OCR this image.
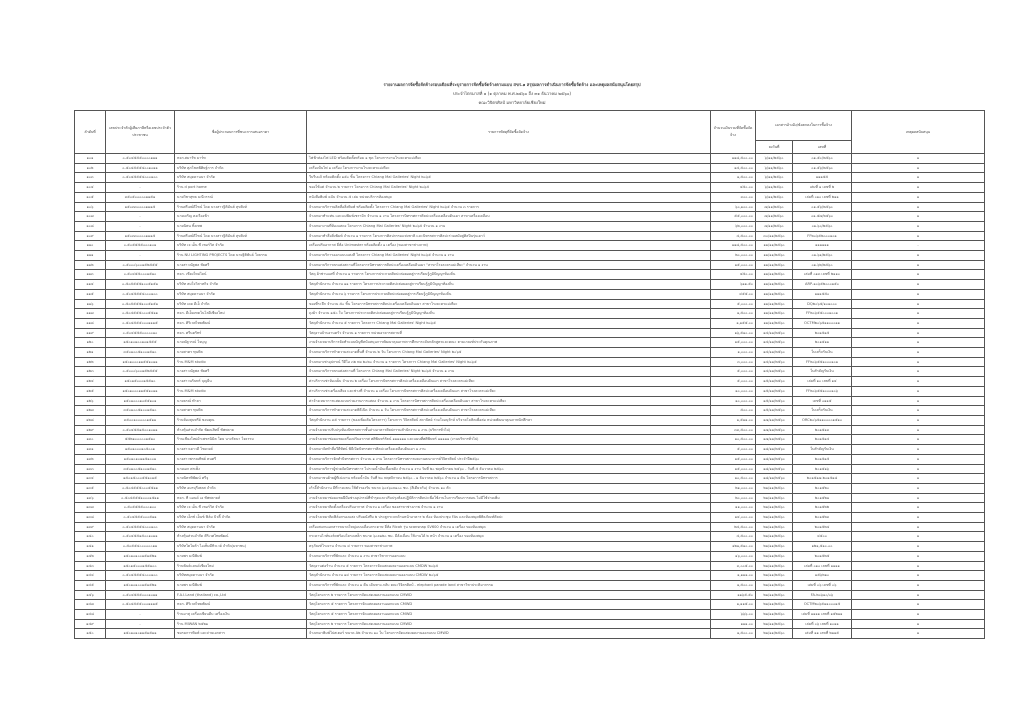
รายงานผลการจัดซื้อจัดจ้างรอบเดือนที่ระบุรายการจัดซื้อจัดจ้างตามแบบ สขร.๑ สรุปผลการดำเนินการจัดซื้อจัดจ้าง และเหตุผลสนับสนุนโดยสรุป
ประจำไตรมาสที่ ๑ (๑ ตุลาคม พ.ศ.๒๕๖๐ ถึง ๓๑ ธันวาคม ๒๕๖๐)
คณะวิจิตรศิลป์ มหาวิทยาลัยเชียงใหม่
ลำดับที่	เลขประจำตัวผู้เสียภาษีหรือเลขประจำตัวประชาชน	ชื่อผู้ประกอบการที่ชนะการเสนอราคา	รายการพัสดุที่จัดซื้อจัดจ้าง	จำนวนเงินรวมที่จัดซื้อจัดจ้าง	เอกสารอ้างอิง/ข้อตกลงในการซื้อจ้าง		เหตุผลสนับสนุน
					ลงวันที่	เลขที่	
๑๐๑	๐-๕๐๔๕๕๕๐๐๐๐๑๑๑	หจก.สมารัช มาร์ท	ไฟฟ้าส่องไฟ LED พร้อมติดตั้งพร้อม ๑ ชุด โครงการงานโรงละครแม่เหียะ	๑๑๘,๕๐๐.๐๐	๖/๑๑/๒๕๖๐	๐๑.๕๐/๒๕๖๐	๑
๑๐๒	๐-๕๐๔๕๕๕๔๐๐๑๐๑๑	บริษัท ศุภโชคพิศิษฐ์การ จำกัด	เครื่องปั่นไฟ ๑ เครื่อง โครงการงานโรงละครแม่เหียะ	๑๔,๕๐๐.๐๐	๖/๑๑/๒๕๖๐	๐๑.๕๖/๒๕๖๐	๑
๑๐๓	๐-๕๐๔๕๕๕๔๐๐๐๑๐๐	บริษัท สมุดดานนา จำกัด	วีบรีบแจ้ พร้อมติดตั้ง ๑๕๐ ชิ้น โครงการ Chiang Mai Galleries' Night ๒๐๖๕	๑,๕๐๐.๐๐	๖/๑๑/๒๕๖๐	๑๑๑๕๕	๑
๑๐๔	-	ร้าน d port home	ของใช้แต่ จำนวน ๒ รายการ โครงการ Chiang Mai Galleries' Night ๒๐๖๕	๔๕๐.๐๐	๖/๑๑/๒๕๖๐	เล่มที่ ๑ เลขที่ ๒	๑
๑๐๕	๓๕๐๕๐๐๐๐๐๑๑๕๑	นายวิชาสุทธ มณีวรรณ์	หนังสือพิมพ์ ฉบับ จำนวน ๕ เล่ม หน่วยบริการห้องสมุด	๓๐๐.๐๐	๖/๑๑/๒๕๖๐	เล่มที่ ๐๑๐ เลขที่ ๒๑๑	๑
๑๐๖	๑๕๐๓๓๐๐๐๐๑๑๑๕	ร้านศรีเลย์ดีไซน์ โดย นางสาวฐิติมันต์ สุขสิงห์	จ้างเหมาบริการผลิตสื่อสิ่งพิมพ์ พร้อมติดตั้ง โครงการ Chiang Mai Galleries' Night ๒๐๖๕ จำนวน ๓ รายการ	๖๐,๑๐๐.๐๐	๗/๑๑/๒๕๖๐	๐๑.๕๖/๒๕๖๐	๑
๑๐๗	-	นายเจริญ คงเรืองฟ้า	จ้างเหมาทำแท่น และแม่พิมพ์เซรามิก จำนวน ๑ งาน โครงการนิทรรศการศิลปะเครื่องเคลือบดินเผา สาขาเครื่องเคลือบ	๕๕,๐๐๐.๐๐	๗/๑๑/๒๕๖๐	๐๑.๕๗/๒๕๖๐	๑
๑๐๘	-	นายนิพน ทิ้งเทพ	จ้างเหมางานที่ห้องแสดง โครงการ Chiang Mai Galleries' Night ๒๐๖๕ จำนวน ๑ งาน	๖๒,๐๐๐.๐๐	๗/๑๑/๒๕๖๐	๐๑.๖๐/๒๕๖๐	๑
๑๐๙	๑๕๐๓๓๐๐๐๐๑๑๑๕	ร้านศรีเลย์ดีไซน์ โดย นางสาวฐิติมันต์ สุขสิงห์	จ้างเหมาทำสื่อสิ่งพิมพ์ จำนวน ๑ รายการ โครงการศิลปกรรมแห่งชาติ และนิทรรศการศิลปะร่วมสมัยสู่ศิลปินรุ่นเยาว์	๔,๕๐๐.๐๐	๓๐/๑๑/๒๕๖๐	FF๒๐๖๕๒๐๐๐๑๐๑	๑
๑๑๐	๐-๕๐๕๕๕๕๐๐๐๑๐๑	บริษัท เจ เอ็น ซี เซอร์วิส จำกัด	เครื่องปรับอากาศ ยี่ห้อ Unimaster พร้อมติดตั้ง ๑ เครื่อง (ของสาขาช่างภาพ)	๑๑๘,๕๐๐.๐๐	๑๑/๑๑/๒๕๖๐	๑๑๑๑๑๑	-
๑๑๑	-	ร้าน NU LIGHTING PROJECTS โดย นายฐิติพันธ์ ใจธรรม	จ้างเหมาบริการออกแบบแสงสี โครงการ Chiang Mai Galleries' Night ๒๐๖๕ จำนวน ๑ งาน	๒๐,๐๐๐.๐๐	๑๑/๑๑/๒๕๖๐	๐๑.๖๑/๒๕๖๐	๑
๑๑๒	๐-๕๐๐๐๖๐๐๑๕๒๕๕๕	นางสาวณัฐพล ชัยศรี	จ้างเหมาบริการตกแต่งสถานที่โครงการนิทรรศการศิลปะเครื่องเคลือบดินเผา "สาขาโรงละครแม่เหียะ" จำนวน ๑ งาน	๑๕,๐๐๐.๐๐	๑๑/๑๑/๒๕๖๐	๐๑.๖๒/๒๕๖๐	๑
๑๑๓	๐-๕๐๔๕๕๐๐๐๑๕๑๐	หจก. เชียงใหม่ไลน์	วัสดุ ผ้าซ่านแลที่ จำนวน ๑ รายการ โครงการประกวดศิลปะต่อยอดสู่การเรียนรู้ภูมิปัญญาท้องถิ่น	๔๕๐.๐๐	๑๑/๑๑/๒๕๖๐	เล่มที่ ๐๑๓ เลขที่ ๒๑๑๐	๑
๑๑๔	๐-๕๐๕๕๕๕๑๐๐๕๑๕๑	บริษัท สมใจวิสาหกิจ จำกัด	วัสดุสำนักงาน จำนวน ๑๑ รายการ โครงการประกวดศิลปะต่อยอดสู่การเรียนรู้ภูมิปัญญาท้องถิ่น	๖๑๑.๕๐	๑๑/๑๑/๒๕๖๐	ARP-๑๐๖๕๒๐๐๐๑๕๐	๑
๑๑๕	๐-๕๐๔๕๕๕๔๐๐๐๑๐๐	บริษัท สมุดดานนา จำกัด	วัสดุสำนักงาน จำนวน ๖ รายการ โครงการประกวดศิลปะต่อยอดสู่การเรียนรู้ภูมิปัญญาท้องถิ่น	๔๕๕.๐๐	๑๑/๑๑/๒๕๖๐	๑๑๑๕๕๐	๑
๑๑๖	๐-๕๐๕๕๕๕๑๐๐๕๑๕๑	บริษัท เดย ดีเอ็ จำกัด	ของที่ระลึก จำนวน ๕๐ ชิ้น โครงการนิทรรศการศิลปะเครื่องเคลือบดินเผา สาขาโรงละครแม่เหียะ	๕,๐๐๐.๐๐	๑๑/๑๑/๒๕๖๐	DQ๒๐๖๕/๑๐๑๐๐๐	๑
๑๑๗	๐-๕๐๔๕๕๕๐๐๐๕๕๑๑	หจก. ดีเอ็มเทคโนโลยีเชียงใหม่	ถุงผ้า จำนวน ๑๕๐ ใบ โครงการประกวดศิลปะต่อยอดสู่การเรียนรู้ภูมิปัญญาท้องถิ่น	๑,๕๐๐.๐๐	๑๑/๑๑/๒๕๖๐	FF๒๐๖๕๕๐๐๐๑๐๐๑	๑
๑๑๘	๐-๕๐๔๕๕๕๐๐๐๑๑๑๕	หจก. ศิริเวศไทยพัฒน์	วัสดุสำนักงาน จำนวน ๕ รายการ โครงการ Chiang Mai Galleries' Night ๒๐๖๕	๑,๑๕๕.๐๐	๑๑/๑๑/๒๕๖๐	OCTM๒๐๖๕๑๑๐๐๐๑๑	๑
๑๑๙	๐-๕๐๔๕๕๕๐๐๐๐๐๑๐	หจก. ศรีนคริทร์	วัสดุงานบ้านงานครัว จำนวน ๑ รายการ หน่วยอาคารสถานที่	๑๖,๕๑๐.๐๐	๑๔/๑๑/๒๕๖๐	๒๐๑๕๑๕	๑
๑๒๐	๑๕๐๑๐๑๐๐๑๐๑๕๕๕	นายณัฐวรณ์ ใจบุญ	งานจ้างเหมาบริการจัดทำแบบบัญชีสนับสนุนการพัฒนาคุณภาพการศึกษาระดับหลักสูตรและคณะ ตามเกณฑ์ประกันคุณภาพ	๑๕,๐๐๐.๐๐	๑๔/๑๑/๒๕๖๐	๒๐๑๕๑๑	๑
๑๒๑	๓๕๐๑๐๐๕๑๐๐๑๕๑๐	นายสาคร ทุนพิล	จ้างเหมาบริการทำความสะอาดพื้นที่ จำนวน ๒ วัน โครงการ Chiang Mai Galleries' Night ๒๐๖๕	๑,๐๐๐.๐๐	๑๔/๑๑/๒๕๖๐	ใบเสร็จรับเงิน	๑
๑๒๒	๑๕๐๑๐๐๐๑๑๕๕๑๐๑๑	ร้าน M&M studio	จ้างเหมาเช่าอุปกรณ์ วีดีโอ ๓๒ พอ ๒๐๒๐ จำนวน ๑ รายการ โครงการ Chiang Mai Galleries' Night ๒๐๖๕	๓,๐๐๐.๐๐	๑๔/๑๑/๒๕๖๐	FF๒๐๖๕๕๑๐๐๐๑๐๑	๑
๑๒๓	๐-๕๐๐๐๖๐๐๑๕๒๕๕๕	นางสาวณัฐพล ชัยศรี	จ้างเหมาบริการตกแต่งสถานที่ โครงการ Chiang Mai Galleries' Night ๒๐๖๕ จำนวน ๑ งาน	๕,๐๐๐.๐๐	๑๔/๑๑/๒๕๖๐	ใบสำคัญรับเงิน	๑
๑๒๔	๑๕๐๑๕๐๐๐๑๕๕๑๐	นางสาวนรินทร์ บุญยืน	ค่าบริการเช่าห้องเย็บ จำนวน ๒ เครื่อง โครงการนิทรรศการศิลปะเครื่องเคลือบดินเผา สาขาโรงละครแม่เหียะ	๕,๐๐๐.๐๐	๑๕/๑๑/๒๕๖๐	เล่มที่ ๑๐ เลขที่ ๑๔	๑
๑๒๕	๑๕๐๑๐๐๐๑๑๕๕๑๐๑๑	ร้าน M&M studio	ค่าบริการเช่าเครื่องเสียง และช่างที่ จำนวน ๑ เครื่อง โครงการนิทรรศการศิลปะเครื่องเคลือบดินเผา สาขาโรงละครแม่เหียะ	๑๐,๐๐๐.๐๐	๑๕/๑๑/๒๕๖๐	FF๒๐๖๕๕๑๐๐๐๑๐๖	๑
๑๒๖	๑๕๐๑๐๐๐๑๐๕๕๑๐๑	นายธรณ์ ทำลา	ค่าจ้างเหมาการแสดงแบบร่วมงานการแสดง จำนวน ๑ งาน โครงการนิทรรศการศิลปะเครื่องเคลือบดินเผา สาขาโรงละครแม่เหียะ	๑๐,๐๐๐.๐๐	๑๕/๑๑/๒๕๖๐	เลขที่ ๐๑๑๕	๑
๑๒๗	๓๕๐๑๐๐๕๑๐๐๑๕๑๐	นายสาคร ทุนพิล	จ้างเหมาบริการทำความสะอาดพิธีเปิด จำนวน ๑ วัน โครงการนิทรรศการศิลปะเครื่องเคลือบดินเผา สาขาโรงละครแม่เหียะ	๕๐๐.๐๐	๑๕/๑๑/๒๕๖๐	ใบเสร็จรับเงิน	๑
๑๒๘	๓๕๐๐๑๐๐๐๐๐๑๕๑๑	ร้านห้องสุนทรีย์ ขอบคุณ	วัสดุสำนักงาน ๓๕ รายการ (ของเพิ่มเติมโครงการ) โครงการ วิจิตรศิลป์ สถาปัตย์ ร่วมใจอนุรักษ์ บริจาคโลหิตเพื่อต่อ หน่วยพัฒนาคุณภาพนักศึกษา	๑,๕๑๑.๐๐	๑๗/๑๑/๒๕๖๐	ORC๒๐๖๕๑๑๐๐๐๐๑๕๑๐	๑
๑๒๙	๐-๕๐๔๕๕๑๕๐๐๑๐๑๑	ห้างหุ้นส่วนจำกัด พัฒนสิทธิ์ ซัพพลาย	งานจ้างเหมาปรับปรุงห้องนิทรรศการชั้นล่างอาคารศิลปกรรมสำนักงาน ๑ งาน (บริหารทั่วไป)	๓๓,๕๐๐.๐๐	๑๗/๑๑/๒๕๖๐	๒๐๑๕๑๓	๑
๑๓๐	๕๕๒๑๐๐๐๐๐๑๕๑๐	ร้านเชียงใหม่ผ้าเพชรนิมิต โดย นางรัตนา ใจธรรม	งานจ้างเหมาซ่อมแซมเครื่องปรับอากาศ ศศิพินทร์รัตน์ ๑๑๑๑๑๑ และแผนที่ศศิพินทร์ ๑๑๑๑๑ (งานบริหารทั่วไป)	๑๐,๕๐๐.๐๐	๑๗/๑๑/๒๕๖๐	๒๐๑๕๑๔	๑
๑๓๑	๑๕๐๑๐๐๐๑๐๕๐๐๑	นางสาวเยาวดี ไชยวงค์	จ้างเหมาจัดทำสื่อวีดีทัศน์ พิธีเปิดนิทรรศการศิลปะเครื่องเคลือบดินเผา ๑ งาน	๕,๐๐๐.๐๐	๑๘/๑๑/๒๕๖๐	ใบสำคัญรับเงิน	๑
๑๓๒	๑๕๐๑๐๑๐๑๑๕๑๐๐๑	นางสาวพรรณทิพย์ ตนศรี	จ้างเหมาบริการจัดทำนิทรรศการ จำนวน ๑ งาน โครงการนิทรรศการผลงานคณาจารย์วิจิตรศิลป์ ประจำปี๒๕๖๐	๑๕,๐๐๐.๐๐	๑๘/๑๑/๒๕๖๐	๒๐๑๕๑๕	๑
๑๓๓	๓๕๐๑๐๐๕๑๐๐๑๕๑๐	นายเอก ศรเพ็ง	จ้างเหมาบริการผู้ช่วยจัดนิทรรศการ ไม่รวมน้ำมันเชื้อเพลิง จำนวน ๑ งาน วันที่ ๒๐ พฤศจิกายน ๒๕๖๐ - วันที่ ๕ ธันวาคม ๒๕๖๐	๑๕,๐๐๐.๐๐	๑๘/๑๑/๒๕๖๐	๒๐๑๕๑๖	๑
๑๓๔	๑๕๐๑๕๐๐๐๕๕๑๐๑๕	นายนิตรพิพัฒน์ ศรีจุ	จ้างเหมาขนย้ายผู้ทีเปงงาน พร้อมน้ำมัน วันที่ ๒๐ พฤศจิกายน ๒๕๖๐ - ๑ ธันวาคม ๒๕๖๐ จำนวน ๑ คัน โครงการนิทรรศการ	๑๐,๕๐๐.๐๐	๑๘/๑๑/๒๕๖๐	๒๐๑๕๑๗-๒๐๑๕๑๘	๑
๑๓๕	๐-๕๐๔๕๕๕๐๐๐๕๕๑๑	บริษัท อมรบุรีเพลส จำกัด	เก้าอี้สำนักงาน มีที่วางแขน ใช้ตัวรองรับ ขนาด ๖๐x๖๐x๑๐๐ ซม. (สีเดียวกัน) จำนวน ๑๐ ตัว	๒๑,๐๐๐.๐๐	๒๑/๑๑/๒๕๖๐	๒๐๑๕๒๐	๑
๑๓๖	๐-๕๐๔๕๕๕๑๐๐๐๑๕๑๑	หจก. ที แอนด์ เอ ซัพพลายส์	งานจ้างเหมาซ่อมแซมฝีมือช่างอุปกรณ์ที่ชำรุดและปรับปรุงห้องปฏิบัติการศิลปะเพื่อใช้งานในการเรียนการสอน ไม่มีใช้จ่ายเพิ่ม	๒๐,๐๐๐.๐๐	๒๑/๑๑/๒๕๖๐	๒๐๑๕๒๑	๑
๑๓๗	๐-๕๐๕๕๕๕๐๐๐๑๐๐	บริษัท เจ เอ็น ซี เซอร์วิส จำกัด	งานจ้างเหมาติดตั้งเครื่องปรับอากาศ จำนวน ๑ เครื่อง ของสาขาช่างภาพ จำนวน ๑ งาน	๑๑,๐๐๐.๐๐	๒๑/๑๑/๒๕๖๐	๒๐๑๕๒๒	๑
๑๓๘	๐-๕๐๔๕๕๕๐๐๐๕๑๑	บริษัท เอ็กซ์ เอ็นซ์ ฟิล์ม บิวตี้ จำกัด	งานจ้างเหมาติดฟิล์มกรองแสง ปรับผนังทึบ ๒ ประตูกระจกด้านหน้าอาคาร ๒ ห้อง ห้องประชุม FAs และห้องสมุดพิพิธภัณฑ์ศิลปะ	๑๔,๐๐๐.๐๐	๒๑/๑๑/๒๕๖๐	๒๐๑๕๒๓	๑
๑๓๙	๐-๕๐๔๕๕๕๔๐๐๐๑๐๐	บริษัท สมุดดานนา จำกัด	เครื่องสแกนเอกสารขนาดใหญ่แบบเลื่อนกระดาษ ยี่ห้อ Ricoh รุ่น scansnap SV600 จำนวน ๑ เครื่อง ของห้องสมุด	๒๔,๕๐๐.๐๐	๒๑/๑๑/๒๕๖๐	๒๐๑๕๒๔	๑
๑๔๐	๐-๕๐๔๕๕๑๕๐๐๑๐๑๑	ห้างหุ้นส่วนจำกัด ศิริเวศไทยพัฒน์	กระดานไวท์บอร์ดพร้อมโครงเหล็ก ขนาด ๖๐x๑๒๐ ซม. มีล้อเลื่อน ใช้งานได้ ๒ หน้า จำนวน ๑ เครื่อง ของห้องสมุด	๔,๕๐๐.๐๐	๒๑/๑๑/๒๕๖๐	๔๕๐๐	๑
๑๔๑	๐-๕๐๕๕๔๐๐๐๐๐๐๑๑	บริษัทโตโยต้า ไอเท็มมีทิวเวย์ จำกัด(มหาชน)	ครุภัณฑ์โรงงาน จำนวน ๔ รายการ ของสาขาช่างภาพ	๑๒๑,๕๑๐.๐๐	๒๑/๑๑/๒๕๖๐	๑๒๑,๕๑๐.๐๐	๑
๑๔๒	๑๕๐๑๐๑๐๐๑๕๑๕๒๑	นายพร มณีพิมพ์	จ้างเหมาบริการที่พักและ จำนวน ๑ งาน สาขาวิชาการออกแบบ	๑๖,๐๐๐.๐๐	๒๑/๑๑/๒๕๖๐	๒๐๑๕๒๕	๑
๑๔๓	๑๕๐๑๕๐๐๐๑๕๕๑๐๐	ร้านพันธ์แลนด์เชียงใหม่	วัสดุงานต่อร้าน จำนวน ๕ รายการ โครงการจัดแสดงผลงานออกแบบ CMDW ๒๐๖๕	๓,๐๐๕.๐๐	๒๑/๑๑/๒๕๖๐	เล่มที่ ๐๑๐ เลขที่ ๑๑๑๑	๑
๑๔๔	๐-๕๐๔๕๕๕๔๐๐๐๑๐๐	บริษัทสมุดดานนา จำกัด	วัสดุสำนักงาน จำนวน ๑๔ รายการ โครงการจัดแสดงผลงานออกแบบ CMDW ๒๐๖๕	๑,๑๑๑.๐๐	๒๑/๑๑/๒๕๖๐	๑๕๖๒๑๐	๑
๑๔๕	๑๕๐๑๐๑๐๐๑๕๑๕๒๑	นายพร มณีพิมพ์	จ้างเหมาบริการที่พักและ จำนวน ๑ คืน เดินทาง-กลับ คณะวิจิตรศิลป์ - elephant parade land สาขาวิชาประติมากรรม	๑,๕๐๐.๐๐	๒๑/๑๑/๒๕๖๐	เล่มที่ ๐๖ เลขที่ ๐๖	๑
๑๔๖	๐-๕๐๔๕๕๕๐๐๐๑๐๑๑	F.A.I.Land (thailand) co.,Ltd	วัสดุโครงการ ๒ รายการ โครงการจัดแสดงผลงานออกแบบ CMWD	๑๑๖๕.๕๐	๒๑/๑๑/๒๕๖๐	FA-๒๐๖๑๐/๐๖	๑
๑๔๗	๐-๕๐๔๕๕๕๐๐๐๑๑๑๕	หจก. ศิริเวศไทยพัฒน์	วัสดุโครงการ ๕ รายการ โครงการจัดแสดงผลงานออกแบบ CMWD	๑,๑๑๕.๐๐	๒๑/๑๑/๒๕๖๐	OCTM๒๐๖๕๑๑๐๐๐๑๕	๑
๑๔๘	-	ร้านมาสุ เครื่องเขียนดีบ เครื่องเงิน	วัสดุโครงการ ๕ รายการ โครงการจัดแสดงผลงานออกแบบ CMWD	๖๖๖.๐๐	๒๑/๑๑/๒๕๖๐	เล่มที่ ๑๑๑๑ เลขที่ ๑๕๒๑๑	๑
๑๔๙	-	ร้าน MIWAN ๒๕๒๑	วัสดุโครงการ ๒ รายการ โครงการจัดแสดงผลงานออกแบบ CMWD	๑๑๑.๐๐	๒๑/๑๑/๒๕๖๐	เล่มที่ ๐๖ เลขที่ ๑๐๑๑	๑
๑๕๐	๑๕๐๑๐๑๐๑๑๕๑๕๑๑	ชมรมการพิมพ์ และถ่ายเอกสาร	จ้างเหมาพิมพ์โปสเตอร์ ขนาด A๒ จำนวน ๑๐ ใบ โครงการจัดแสดงผลงานออกแบบ CMWD	๑,๕๐๐.๐๐	๒๑/๑๑/๒๕๖๐	เล่มที่ ๑๑ เลขที่ ๒๑๑๕	๑
